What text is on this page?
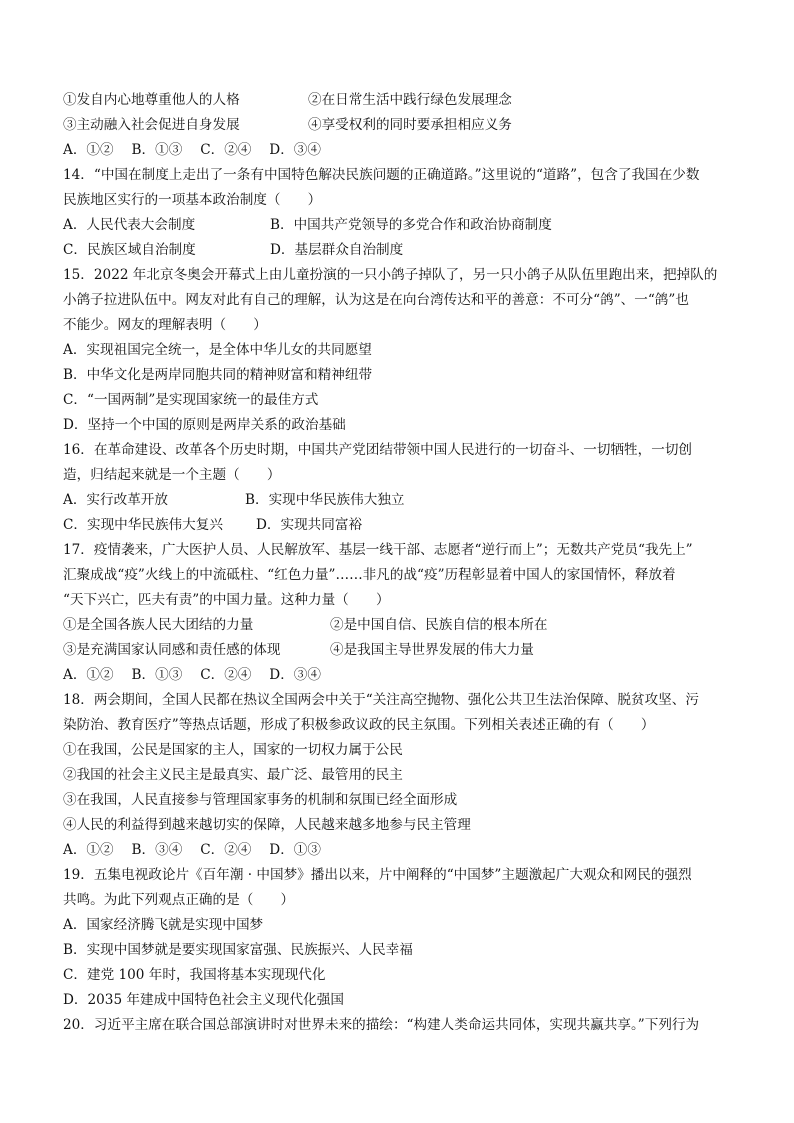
①发自内心地尊重他人的人格	②在日常生活中践行绿色发展理念
③主动融入社会促进自身发展	④享受权利的同时要承担相应义务
A．①②　 B．①③　 C．②④　 D．③④
14．“中国在制度上走出了一条有中国特色解决民族问题的正确道路。”这里说的“道路”，包含了我国在少数
民族地区实行的一项基本政治制度（　　）
A．人民代表大会制度	B．中国共产党领导的多党合作和政治协商制度
C．民族区域自治制度	D．基层群众自治制度
15．2022 年北京冬奥会开幕式上由儿童扮演的一只小鸽子掉队了，另一只小鸽子从队伍里跑出来，把掉队的
小鸽子拉进队伍中。网友对此有自己的理解，认为这是在向台湾传达和平的善意：不可分“鸽”、一“鸽”也
不能少。网友的理解表明（　　）
A．实现祖国完全统一，是全体中华儿女的共同愿望
B．中华文化是两岸同胞共同的精神财富和精神纽带
C．“一国两制”是实现国家统一的最佳方式
D．坚持一个中国的原则是两岸关系的政治基础
16．在革命建设、改革各个历史时期，中国共产党团结带领中国人民进行的一切奋斗、一切牺牲，一切创
造，归结起来就是一个主题（　　）
A．实行改革开放	B．实现中华民族伟大独立
C．实现中华民族伟大复兴 D．实现共同富裕
17．疫情袭来，广大医护人员、人民解放军、基层一线干部、志愿者“逆行而上”；无数共产党员“我先上”
汇聚成战“疫”火线上的中流砥柱、“红色力量”……非凡的战“疫”历程彰显着中国人的家国情怀，释放着
“天下兴亡，匹夫有责”的中国力量。这种力量（　　）
①是全国各族人民大团结的力量	②是中国自信、民族自信的根本所在
③是充满国家认同感和责任感的体现	④是我国主导世界发展的伟大力量
A．①②　 B．①③　 C．②④　 D．③④
18．两会期间，全国人民都在热议全国两会中关于“关注高空抛物、强化公共卫生法治保障、脱贫攻坚、污
染防治、教育医疗”等热点话题，形成了积极参政议政的民主氛围。下列相关表述正确的有（　　）
①在我国，公民是国家的主人，国家的一切权力属于公民
②我国的社会主义民主是最真实、最广泛、最管用的民主
③在我国，人民直接参与管理国家事务的机制和氛围已经全面形成
④人民的利益得到越来越切实的保障，人民越来越多地参与民主管理
A．①②　 B．③④　 C．②④　 D．①③
19．五集电视政论片《百年潮 · 中国梦》播出以来，片中阐释的“中国梦”主题激起广大观众和网民的强烈
共鸣。为此下列观点正确的是（　　）
A．国家经济腾飞就是实现中国梦
B．实现中国梦就是要实现国家富强、民族振兴、人民幸福
C．建党 100 年时，我国将基本实现现代化
D．2035 年建成中国特色社会主义现代化强国
20．习近平主席在联合国总部演讲时对世界未来的描绘：“构建人类命运共同体，实现共赢共享。”下列行为
